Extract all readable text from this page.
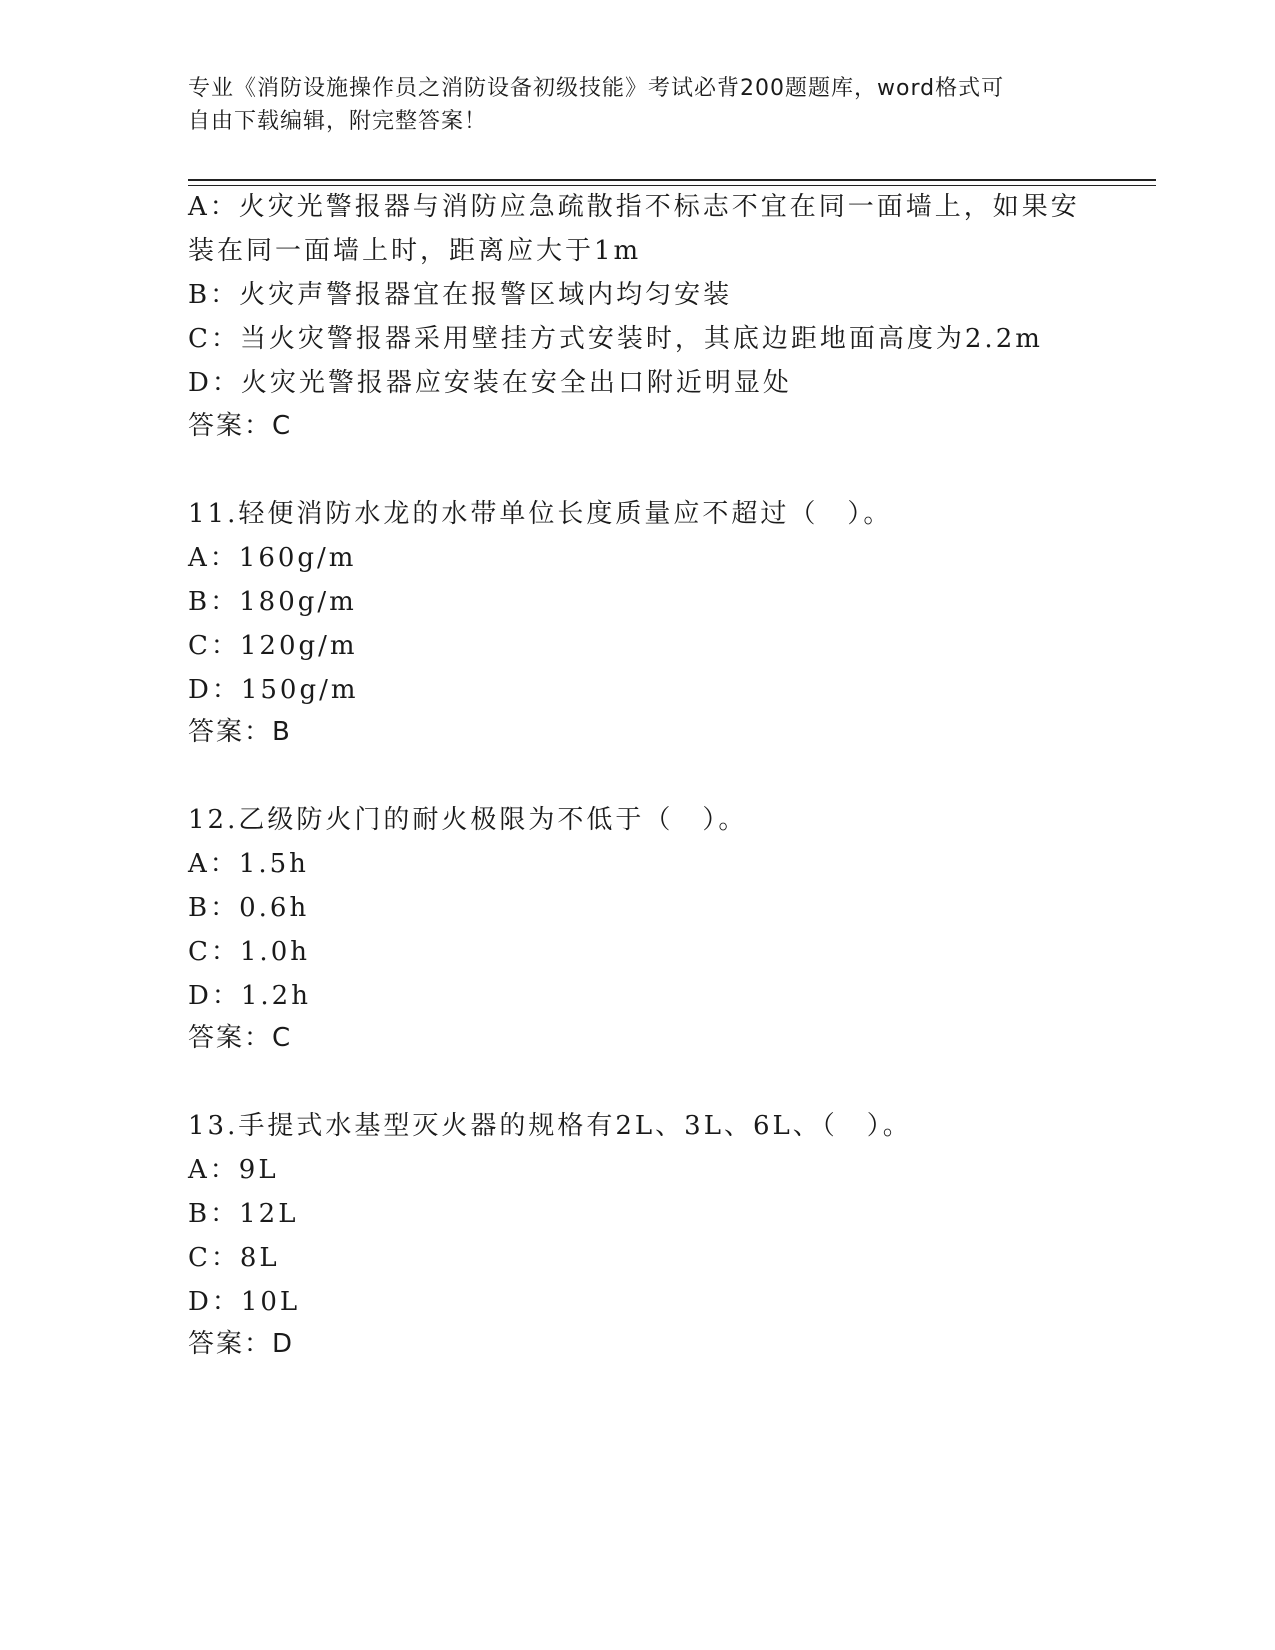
专业《消防设施操作员之消防设备初级技能》考试必背200题题库，word格式可
自由下载编辑，附完整答案！
A：火灾光警报器与消防应急疏散指不标志不宜在同一面墙上，如果安
装在同一面墙上时，距离应大于1m
B：火灾声警报器宜在报警区域内均匀安装
C：当火灾警报器采用壁挂方式安装时，其底边距地面高度为2.2m
D：火灾光警报器应安装在安全出口附近明显处
答案：C
11.轻便消防水龙的水带单位长度质量应不超过（　）。
A：160g/m
B：180g/m
C：120g/m
D：150g/m
答案：B
12.乙级防火门的耐火极限为不低于（　）。
A：1.5h
B：0.6h
C：1.0h
D：1.2h
答案：C
13.手提式水基型灭火器的规格有2L、3L、6L、（　）。
A：9L
B：12L
C：8L
D：10L
答案：D
